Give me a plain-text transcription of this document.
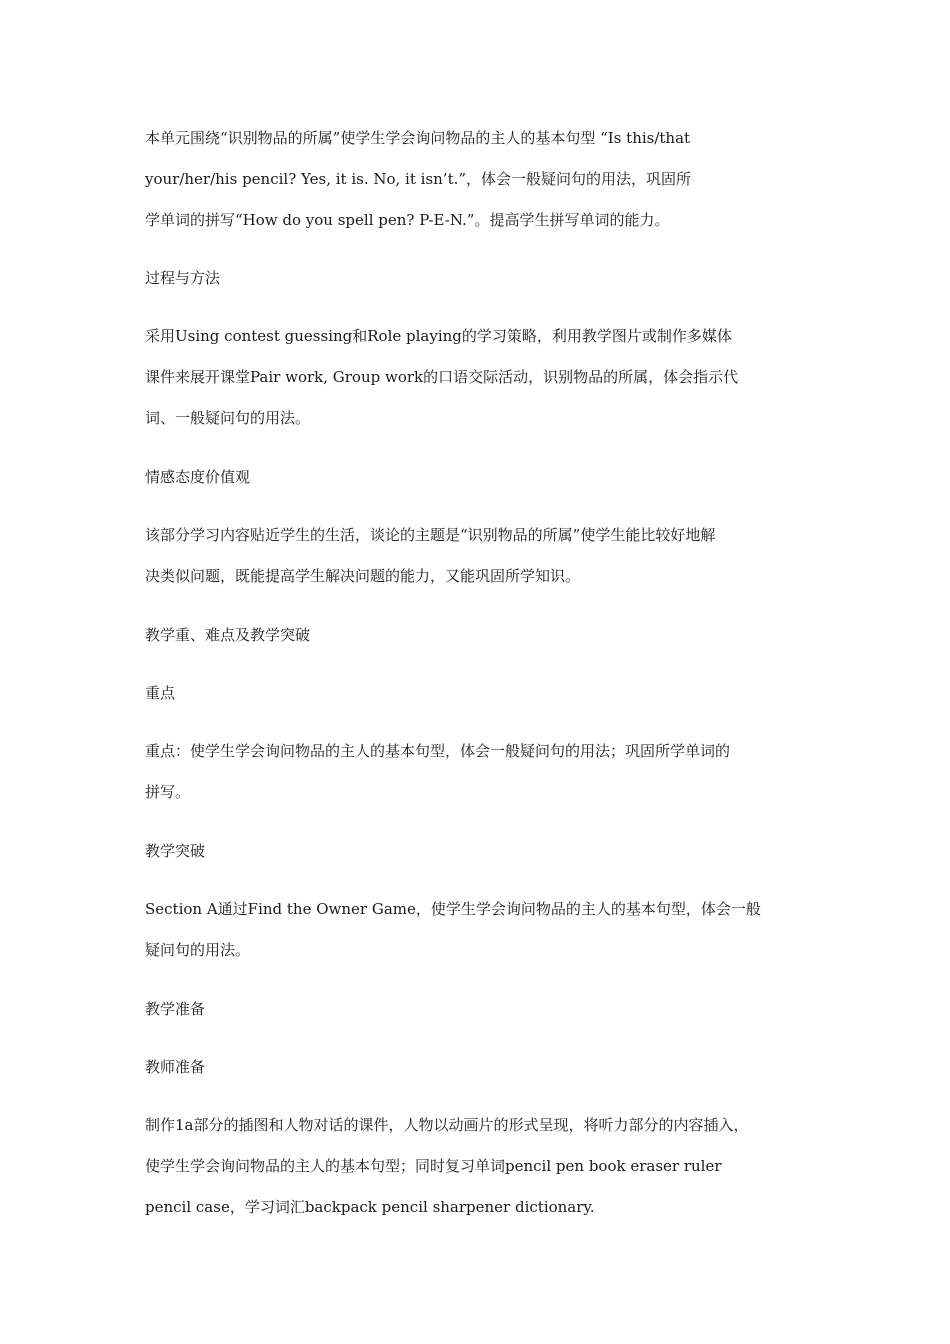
本单元围绕“识别物品的所属”使学生学会询问物品的主人的基本句型 “Is this/that
your/her/his pencil? Yes, it is. No, it isn’t.”，体会一般疑问句的用法，巩固所
学单词的拼写“How do you spell pen? P-E-N.”。提高学生拼写单词的能力。
过程与方法
采用Using contest guessing和Role playing的学习策略，利用教学图片或制作多媒体
课件来展开课堂Pair work, Group work的口语交际活动，识别物品的所属，体会指示代
词、一般疑问句的用法。
情感态度价值观
该部分学习内容贴近学生的生活，谈论的主题是“识别物品的所属”使学生能比较好地解
决类似问题，既能提高学生解决问题的能力，又能巩固所学知识。
教学重、难点及教学突破
重点
重点：使学生学会询问物品的主人的基本句型，体会一般疑问句的用法；巩固所学单词的
拼写。
教学突破
Section A通过Find the Owner Game，使学生学会询问物品的主人的基本句型，体会一般
疑问句的用法。
教学准备
教师准备
制作1a部分的插图和人物对话的课件，人物以动画片的形式呈现，将听力部分的内容插入，
使学生学会询问物品的主人的基本句型；同时复习单词pencil pen book eraser ruler
pencil case，学习词汇backpack pencil sharpener dictionary.
